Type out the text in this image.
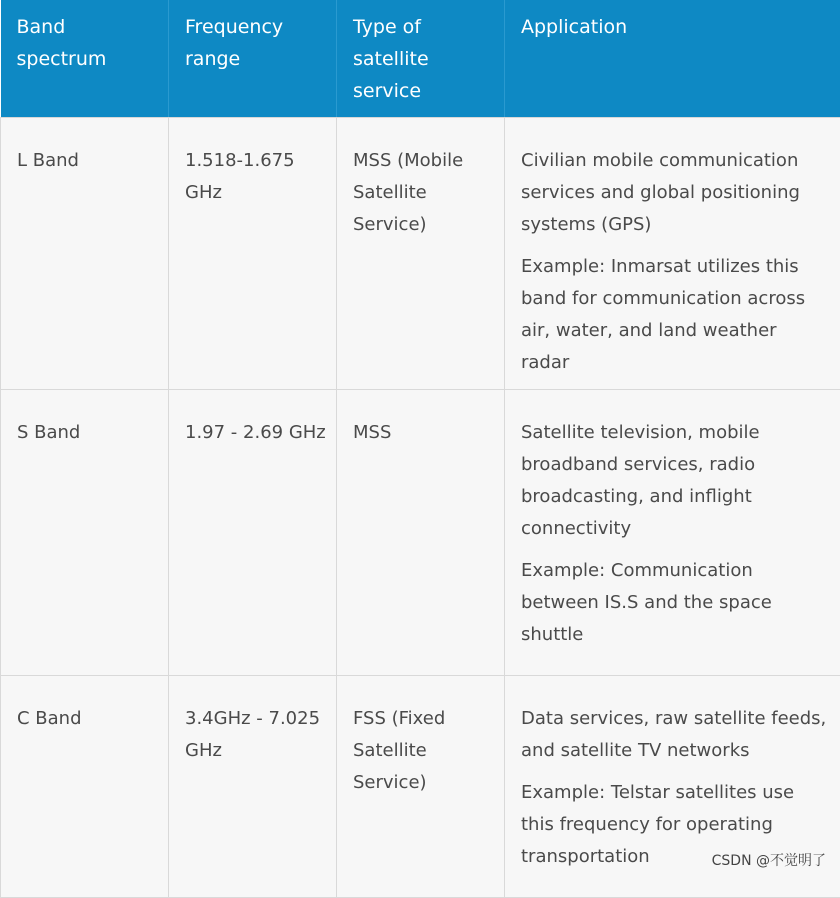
Band spectrum	Frequency range	Type of satellite service	Application
L Band	1.518-1.675 GHz	MSS (Mobile Satellite Service)	Civilian mobile communication services and global positioning systems (GPS)

Example: Inmarsat utilizes this band for communication across air, water, and land weather radar

S Band	1.97 - 2.69 GHz	MSS	Satellite television, mobile broadband services, radio broadcasting, and inflight connectivity

Example: Communication between IS.S and the space shuttle

C Band	3.4GHz - 7.025 GHz	FSS (Fixed Satellite Service)	Data services, raw satellite feeds, and satellite TV networks

Example: Telstar satellites use this frequency for operating transportation	CSDN @不觉明了
